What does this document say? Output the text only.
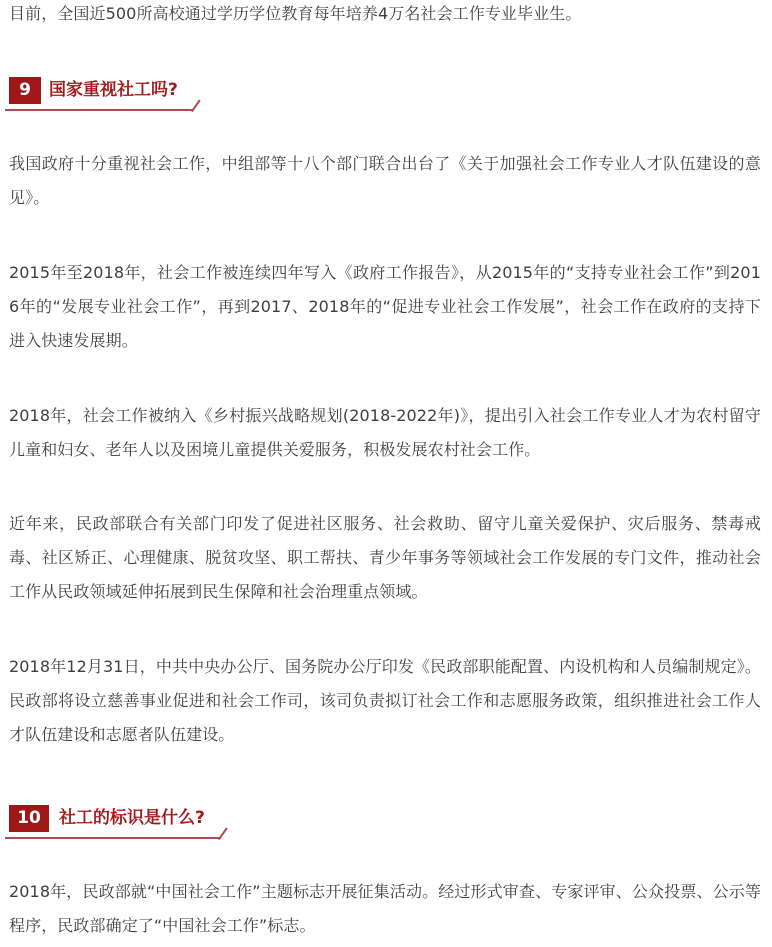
目前，全国近500所高校通过学历学位教育每年培养4万名社会工作专业毕业生。

9	国家重视社工吗?

我国政府十分重视社会工作，中组部等十八个部门联合出台了《关于加强社会工作专业人才队伍建设的意见》。

2015年至2018年，社会工作被连续四年写入《政府工作报告》，从2015年的“支持专业社会工作”到2016年的“发展专业社会工作”，再到2017、2018年的“促进专业社会工作发展”，社会工作在政府的支持下进入快速发展期。

2018年，社会工作被纳入《乡村振兴战略规划(2018-2022年)》，提出引入社会工作专业人才为农村留守儿童和妇女、老年人以及困境儿童提供关爱服务，积极发展农村社会工作。

近年来，民政部联合有关部门印发了促进社区服务、社会救助、留守儿童关爱保护、灾后服务、禁毒戒毒、社区矫正、心理健康、脱贫攻坚、职工帮扶、青少年事务等领域社会工作发展的专门文件，推动社会工作从民政领域延伸拓展到民生保障和社会治理重点领域。

2018年12月31日，中共中央办公厅、国务院办公厅印发《民政部职能配置、内设机构和人员编制规定》。民政部将设立慈善事业促进和社会工作司，该司负责拟订社会工作和志愿服务政策，组织推进社会工作人才队伍建设和志愿者队伍建设。

10	社工的标识是什么?

2018年，民政部就“中国社会工作”主题标志开展征集活动。经过形式审查、专家评审、公众投票、公示等程序，民政部确定了“中国社会工作”标志。
